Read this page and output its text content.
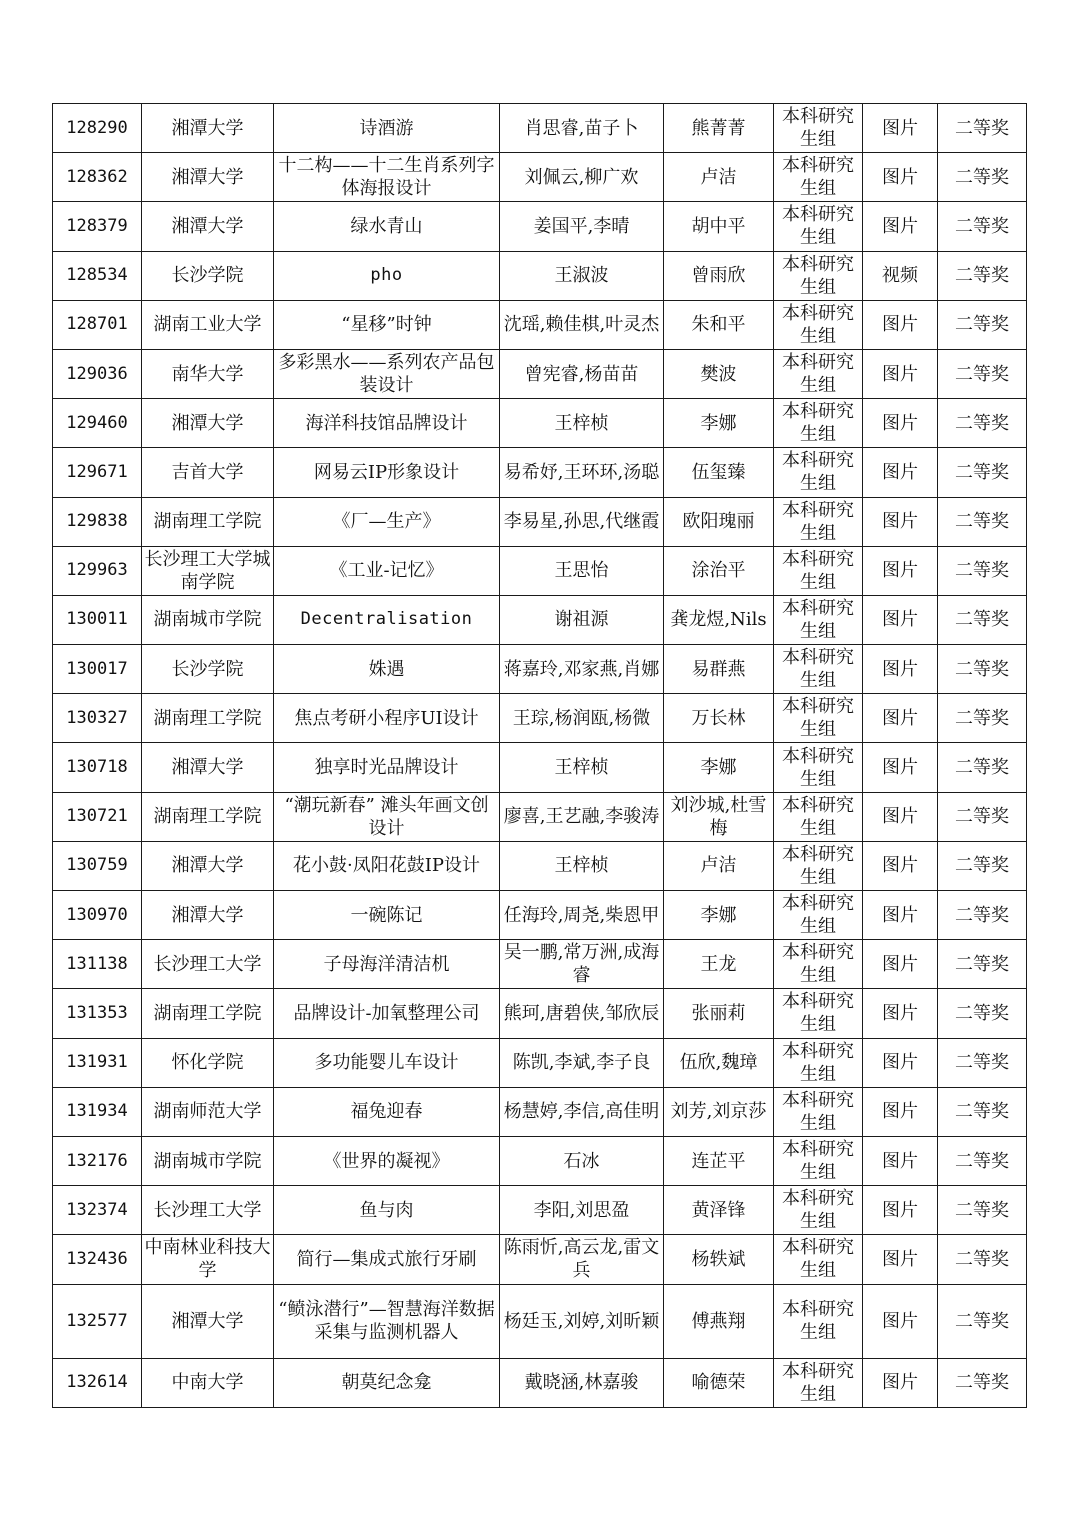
128290	湘潭大学	诗酒游	肖思睿,苗子卜	熊菁菁	本科研究生组	图片	二等奖
128362	湘潭大学	十二构——十二生肖系列字体海报设计	刘佩云,柳广欢	卢洁	本科研究生组	图片	二等奖
128379	湘潭大学	绿水青山	姜国平,李晴	胡中平	本科研究生组	图片	二等奖
128534	长沙学院	pho	王淑波	曾雨欣	本科研究生组	视频	二等奖
128701	湖南工业大学	“星移”时钟	沈瑶,赖佳棋,叶灵杰	朱和平	本科研究生组	图片	二等奖
129036	南华大学	多彩黑水——系列农产品包装设计	曾宪睿,杨苗苗	樊波	本科研究生组	图片	二等奖
129460	湘潭大学	海洋科技馆品牌设计	王梓桢	李娜	本科研究生组	图片	二等奖
129671	吉首大学	网易云IP形象设计	易希妤,王环环,汤聪	伍玺臻	本科研究生组	图片	二等奖
129838	湖南理工学院	《厂—生产》	李易星,孙思,代继霞	欧阳瑰丽	本科研究生组	图片	二等奖
129963	长沙理工大学城南学院	《工业-记忆》	王思怡	涂治平	本科研究生组	图片	二等奖
130011	湖南城市学院	Decentralisation	谢祖源	龚龙煜,Nils	本科研究生组	图片	二等奖
130017	长沙学院	姝遇	蒋嘉玲,邓家燕,肖娜	易群燕	本科研究生组	图片	二等奖
130327	湖南理工学院	焦点考研小程序UI设计	王琮,杨润瓯,杨微	万长林	本科研究生组	图片	二等奖
130718	湘潭大学	独享时光品牌设计	王梓桢	李娜	本科研究生组	图片	二等奖
130721	湖南理工学院	“潮玩新春” 滩头年画文创设计	廖喜,王艺融,李骏涛	刘沙城,杜雪梅	本科研究生组	图片	二等奖
130759	湘潭大学	花小鼓·凤阳花鼓IP设计	王梓桢	卢洁	本科研究生组	图片	二等奖
130970	湘潭大学	一碗陈记	任海玲,周尧,柴恩甲	李娜	本科研究生组	图片	二等奖
131138	长沙理工大学	子母海洋清洁机	吴一鹏,常万洲,成海睿	王龙	本科研究生组	图片	二等奖
131353	湖南理工学院	品牌设计-加氧整理公司	熊珂,唐碧侠,邹欣辰	张丽莉	本科研究生组	图片	二等奖
131931	怀化学院	多功能婴儿车设计	陈凯,李斌,李子良	伍欣,魏璋	本科研究生组	图片	二等奖
131934	湖南师范大学	福兔迎春	杨慧婷,李信,高佳明	刘芳,刘京莎	本科研究生组	图片	二等奖
132176	湖南城市学院	《世界的凝视》	石冰	连芷平	本科研究生组	图片	二等奖
132374	长沙理工大学	鱼与肉	李阳,刘思盈	黄泽锋	本科研究生组	图片	二等奖
132436	中南林业科技大学	简行—集成式旅行牙刷	陈雨忻,高云龙,雷文兵	杨轶斌	本科研究生组	图片	二等奖
132577	湘潭大学	“鲼泳潜行”—智慧海洋数据采集与监测机器人	杨廷玉,刘婷,刘昕颖	傅燕翔	本科研究生组	图片	二等奖
132614	中南大学	朝莫纪念龛	戴晓涵,林嘉骏	喻德荣	本科研究生组	图片	二等奖
